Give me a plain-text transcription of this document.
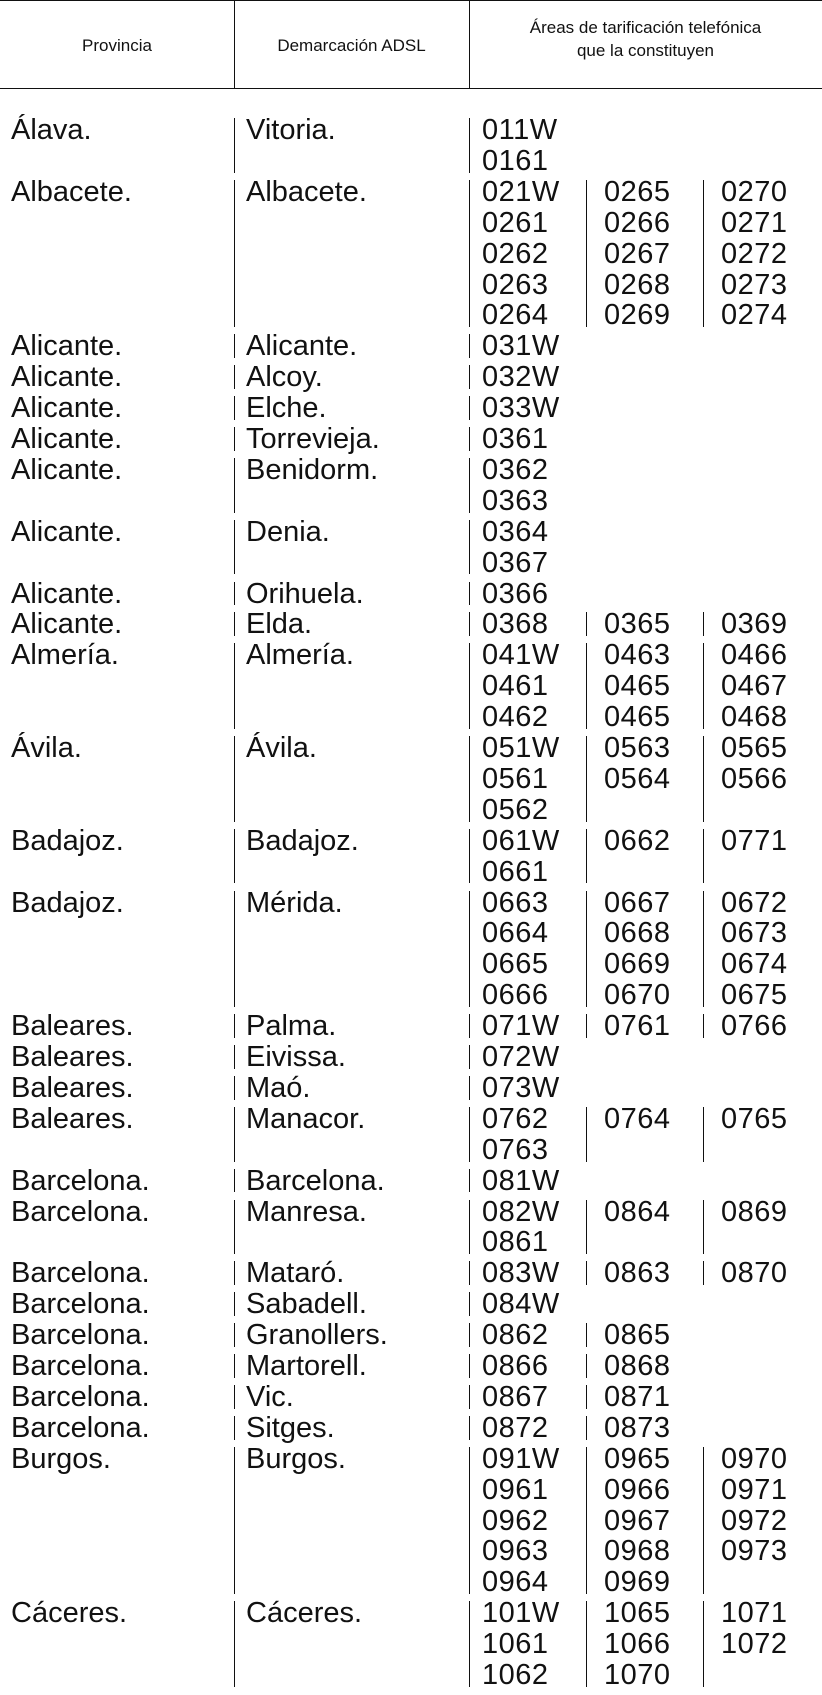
Provincia	Demarcación ADSL
Áreas de tarificación telefónica
que la constituyen
Álava.	Vitoria.	011W
0161
Albacete.	Albacete.	021W 0265 0270
0261 0266 0271
0262 0267 0272
0263 0268 0273
0264 0269 0274
Alicante.	Alicante.	031W
Alicante.	Alcoy.	032W
Alicante.	Elche.	033W
Alicante.	Torrevieja.	0361
Alicante.	Benidorm.	0362
0363
Alicante.	Denia.	0364
0367
Alicante.	Orihuela.	0366
Alicante.	Elda.	0368 0365 0369
Almería.	Almería.	041W 0463 0466
0461 0465 0467
0462 0465 0468
Ávila.	Ávila.	051W 0563 0565
0561 0564 0566
0562
Badajoz.	Badajoz.	061W 0662 0771
0661
Badajoz.	Mérida.	0663 0667 0672
0664 0668 0673
0665 0669 0674
0666 0670 0675
Baleares.	Palma.	071W 0761 0766
Baleares.	Eivissa.	072W
Baleares.	Maó.	073W
Baleares.	Manacor.	0762 0764 0765
0763
Barcelona.	Barcelona.	081W
Barcelona.	Manresa.	082W 0864 0869
0861
Barcelona.	Mataró.	083W 0863 0870
Barcelona.	Sabadell.	084W
Barcelona.	Granollers.	0862 0865
Barcelona.	Martorell.	0866 0868
Barcelona.	Vic.	0867 0871
Barcelona.	Sitges.	0872 0873
Burgos.	Burgos.	091W 0965 0970
0961 0966 0971
0962 0967 0972
0963 0968 0973
0964 0969
Cáceres.	Cáceres.	101W 1065 1071
1061 1066 1072
1062 1070
